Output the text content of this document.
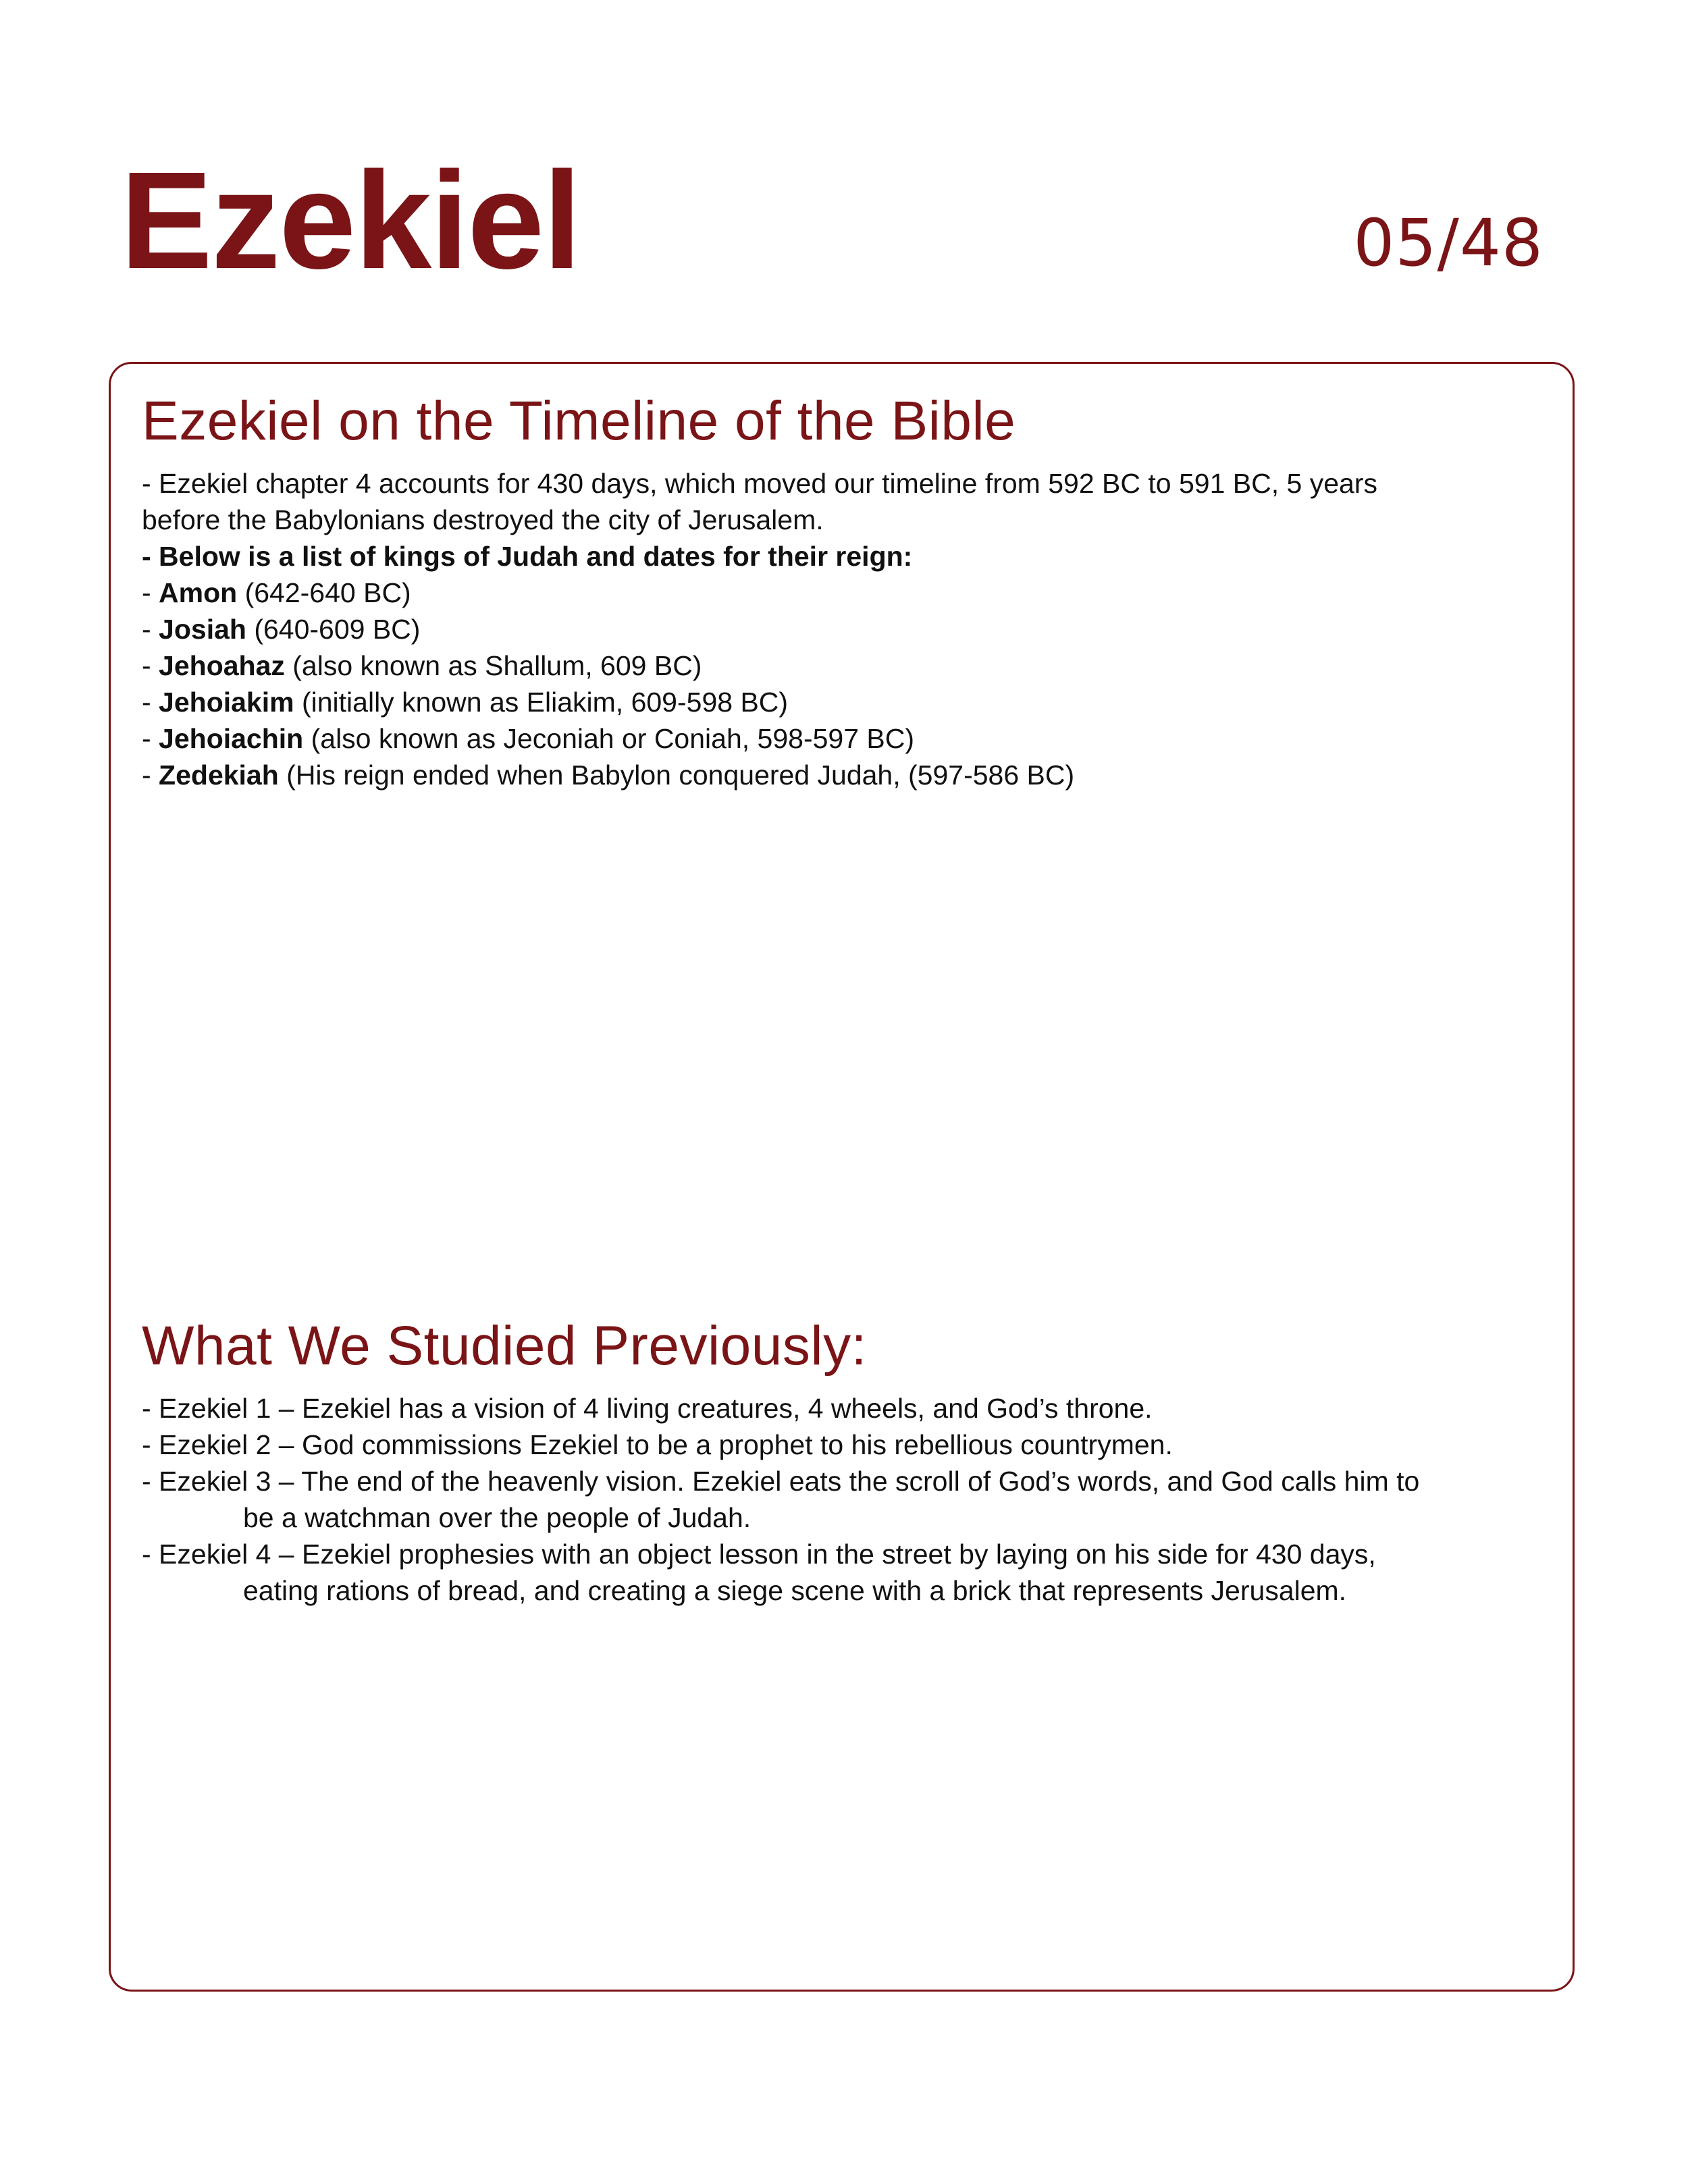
Ezekiel	05/48
Ezekiel on the Timeline of the Bible

- Ezekiel chapter 4 accounts for 430 days, which moved our timeline from 592 BC to 591 BC, 5 years

before the Babylonians destroyed the city of Jerusalem.

- Below is a list of kings of Judah and dates for their reign:

- Amon (642-640 BC)

- Josiah (640-609 BC)

- Jehoahaz (also known as Shallum, 609 BC)

- Jehoiakim (initially known as Eliakim, 609-598 BC)

- Jehoiachin (also known as Jeconiah or Coniah, 598-597 BC)

- Zedekiah (His reign ended when Babylon conquered Judah, (597-586 BC)

What We Studied Previously:

- Ezekiel 1 – Ezekiel has a vision of 4 living creatures, 4 wheels, and God’s throne.

- Ezekiel 2 – God commissions Ezekiel to be a prophet to his rebellious countrymen.

- Ezekiel 3 – The end of the heavenly vision. Ezekiel eats the scroll of God’s words, and God calls him to

be a watchman over the people of Judah.

- Ezekiel 4 – Ezekiel prophesies with an object lesson in the street by laying on his side for 430 days,

eating rations of bread, and creating a siege scene with a brick that represents Jerusalem.
